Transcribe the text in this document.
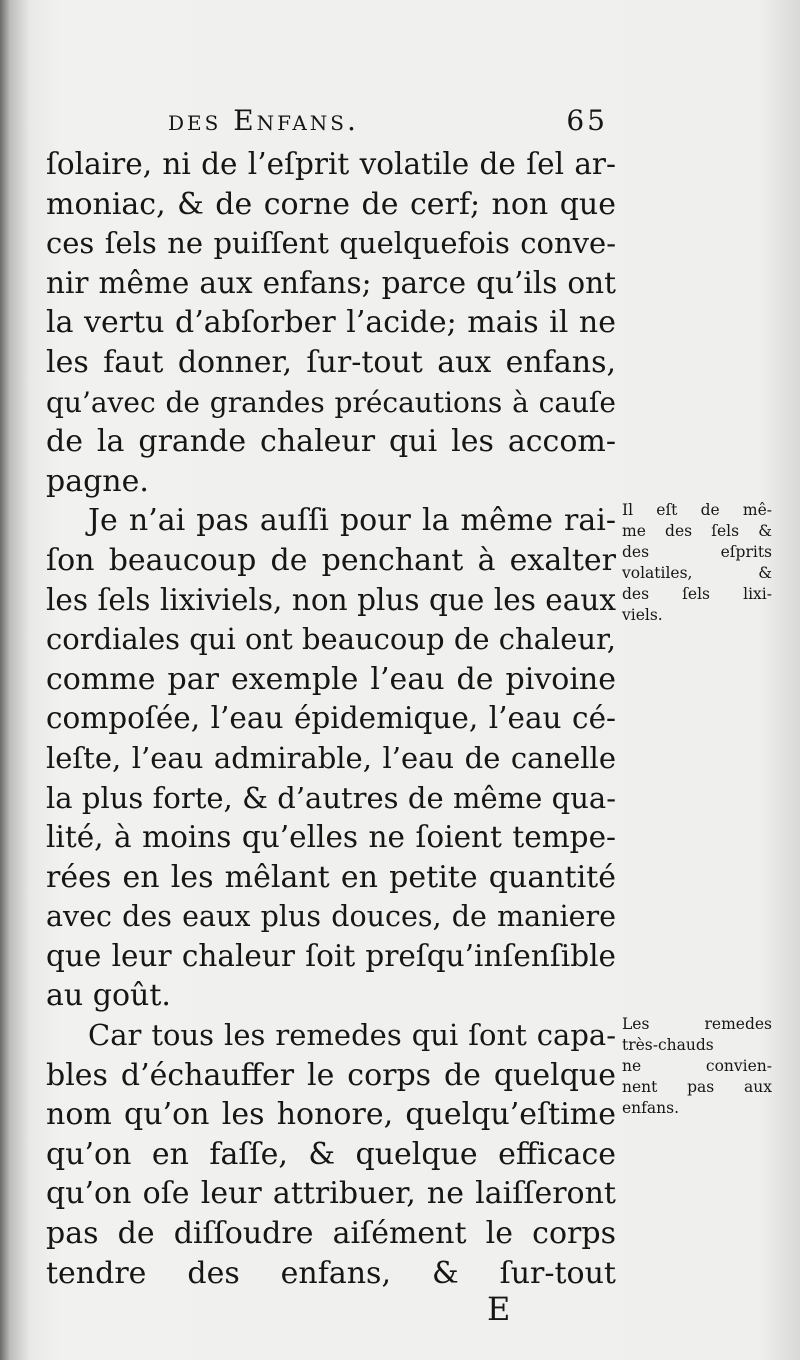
des Enfans.	65
ſolaire, ni de l’eſprit volatile de ſel ar-
moniac, & de corne de cerf; non que
ces ſels ne puiſſent quelquefois conve-
nir même aux enfans; parce qu’ils ont
la vertu d’abſorber l’acide; mais il ne
les faut donner, ſur-tout aux enfans,
qu’avec de grandes précautions à cauſe
de la grande chaleur qui les accom-
pagne.
Je n’ai pas auſſi pour la même rai-
ſon beaucoup de penchant à exalter
les ſels lixiviels, non plus que les eaux
cordiales qui ont beaucoup de chaleur,
comme par exemple l’eau de pivoine
compoſée, l’eau épidemique, l’eau cé-
leſte, l’eau admirable, l’eau de canelle
la plus forte, & d’autres de même qua-
lité, à moins qu’elles ne ſoient tempe-
rées en les mêlant en petite quantité
avec des eaux plus douces, de maniere
que leur chaleur ſoit preſqu’inſenſible
au goût.
Car tous les remedes qui ſont capa-
bles d’échauffer le corps de quelque
nom qu’on les honore, quelqu’eſtime
qu’on en faſſe, & quelque efficace
qu’on oſe leur attribuer, ne laiſſeront
pas de diſſoudre aiſément le corps
tendre des enfans, & ſur-tout
Il eſt de mê-
me des ſels &
des eſprits
volatiles, &
des ſels lixi-
viels.
Les remedes
très-chauds
ne convien-
nent pas aux
enfans.
E
